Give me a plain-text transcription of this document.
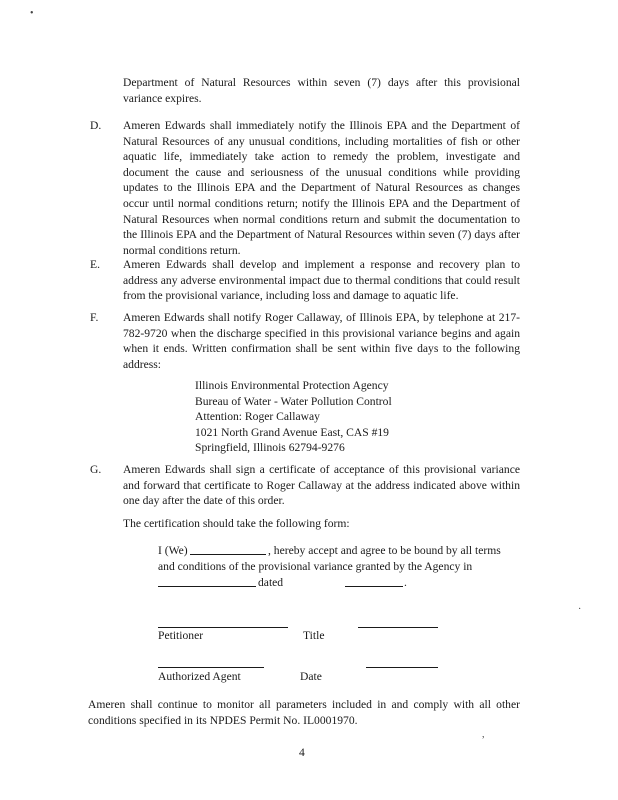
•
Department of Natural Resources within seven (7) days after this provisional variance expires.
D. Ameren Edwards shall immediately notify the Illinois EPA and the Department of Natural Resources of any unusual conditions, including mortalities of fish or other aquatic life, immediately take action to remedy the problem, investigate and document the cause and seriousness of the unusual conditions while providing updates to the Illinois EPA and the Department of Natural Resources as changes occur until normal conditions return; notify the Illinois EPA and the Department of Natural Resources when normal conditions return and submit the documentation to the Illinois EPA and the Department of Natural Resources within seven (7) days after normal conditions return.
E. Ameren Edwards shall develop and implement a response and recovery plan to address any adverse environmental impact due to thermal conditions that could result from the provisional variance, including loss and damage to aquatic life.
F. Ameren Edwards shall notify Roger Callaway, of Illinois EPA, by telephone at 217-782-9720 when the discharge specified in this provisional variance begins and again when it ends. Written confirmation shall be sent within five days to the following address:
Illinois Environmental Protection Agency
Bureau of Water - Water Pollution Control
Attention: Roger Callaway
1021 North Grand Avenue East, CAS #19
Springfield, Illinois 62794-9276
G. Ameren Edwards shall sign a certificate of acceptance of this provisional variance and forward that certificate to Roger Callaway at the address indicated above within one day after the date of this order.
The certification should take the following form:
I (We)	, hereby accept and agree to be bound by all terms
and conditions of the provisional variance granted by the Agency in
dated	.
Petitioner	Title
Authorized Agent	Date
Ameren shall continue to monitor all parameters included in and comply with all other conditions specified in its NPDES Permit No. IL0001970.
4
·
,
